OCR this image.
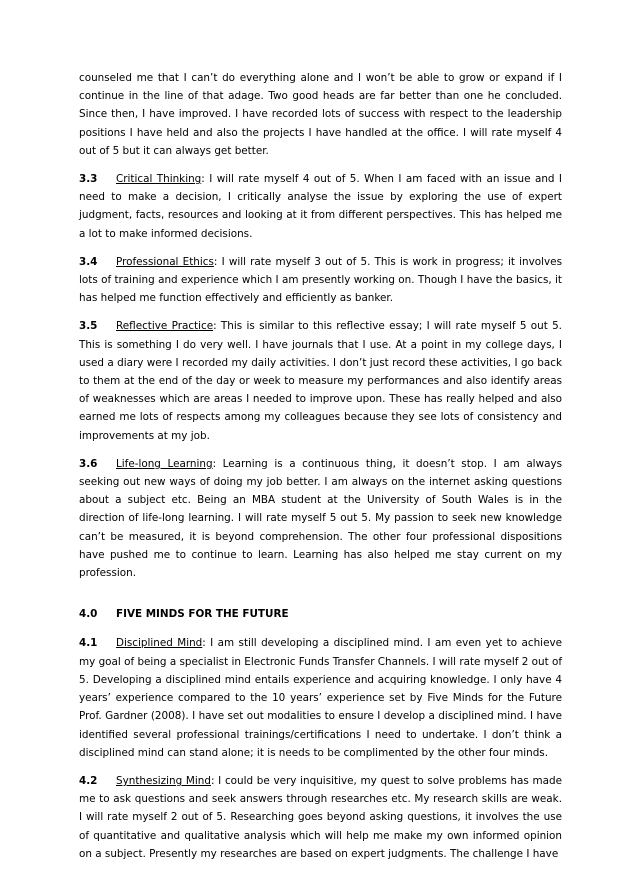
counseled me that I can’t do everything alone and I won’t be able to grow or expand if I continue in the line of that adage. Two good heads are far better than one he concluded. Since then, I have improved. I have recorded lots of success with respect to the leadership positions I have held and also the projects I have handled at the office. I will rate myself 4 out of 5 but it can always get better.

3.3 Critical Thinking: I will rate myself 4 out of 5. When I am faced with an issue and I need to make a decision, I critically analyse the issue by exploring the use of expert judgment, facts, resources and looking at it from different perspectives. This has helped me a lot to make informed decisions.

3.4 Professional Ethics: I will rate myself 3 out of 5. This is work in progress; it involves lots of training and experience which I am presently working on. Though I have the basics, it has helped me function effectively and efficiently as banker.

3.5 Reflective Practice: This is similar to this reflective essay; I will rate myself 5 out 5. This is something I do very well. I have journals that I use. At a point in my college days, I used a diary were I recorded my daily activities. I don’t just record these activities, I go back to them at the end of the day or week to measure my performances and also identify areas of weaknesses which are areas I needed to improve upon. These has really helped and also earned me lots of respects among my colleagues because they see lots of consistency and improvements at my job.

3.6 Life-long Learning: Learning is a continuous thing, it doesn’t stop. I am always seeking out new ways of doing my job better. I am always on the internet asking questions about a subject etc. Being an MBA student at the University of South Wales is in the direction of life-long learning. I will rate myself 5 out 5. My passion to seek new knowledge can’t be measured, it is beyond comprehension. The other four professional dispositions have pushed me to continue to learn. Learning has also helped me stay current on my profession.

4.0 FIVE MINDS FOR THE FUTURE

4.1 Disciplined Mind: I am still developing a disciplined mind. I am even yet to achieve my goal of being a specialist in Electronic Funds Transfer Channels. I will rate myself 2 out of 5. Developing a disciplined mind entails experience and acquiring knowledge. I only have 4 years’ experience compared to the 10 years’ experience set by Five Minds for the Future Prof. Gardner (2008). I have set out modalities to ensure I develop a disciplined mind. I have identified several professional trainings/certifications I need to undertake. I don’t think a disciplined mind can stand alone; it is needs to be complimented by the other four minds.

4.2 Synthesizing Mind: I could be very inquisitive, my quest to solve problems has made me to ask questions and seek answers through researches etc. My research skills are weak. I will rate myself 2 out of 5. Researching goes beyond asking questions, it involves the use of quantitative and qualitative analysis which will help me make my own informed opinion on a subject. Presently my researches are based on expert judgments. The challenge I have
